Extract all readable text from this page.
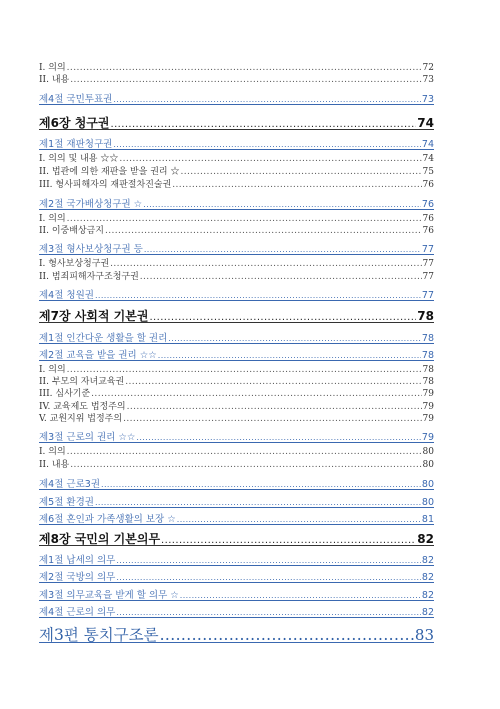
I. 의의 .....	72
II. 내용 .....	73
제4절 국민투표권 .....	73
제6장 청구권 .....	74
제1절 재판청구권 .....	74
I. 의의 및 내용 ☆☆ .....	74
II. 법관에 의한 재판을 받을 권리 ☆ .....	75
III. 형사피해자의 재판절차진술권 .....	76
제2절 국가배상청구권 ☆ .....	76
I. 의의 .....	76
II. 이중배상금지 .....	76
제3절 형사보상청구권 등 .....	77
I. 형사보상청구권 .....	77
II. 범죄피해자구조청구권 .....	77
제4절 청원권 .....	77
제7장 사회적 기본권 .....	78
제1절 인간다운 생활을 할 권리 .....	78
제2절 교육을 받을 권리 ☆☆ .....	78
I. 의의 .....	78
II. 부모의 자녀교육권 .....	78
III. 심사기준 .....	79
IV. 교육제도 법정주의 .....	79
V. 교원지위 법정주의 .....	79
제3절 근로의 권리 ☆☆ .....	79
I. 의의 .....	80
II. 내용 .....	80
제4절 근로3권 .....	80
제5절 환경권 .....	80
제6절 혼인과 가족생활의 보장 ☆ .....	81
제8장 국민의 기본의무 .....	82
제1절 납세의 의무 .....	82
제2절 국방의 의무 .....	82
제3절 의무교육을 받게 할 의무 ☆ .....	82
제4절 근로의 의무 .....	82
제3편 통치구조론 .....	83
